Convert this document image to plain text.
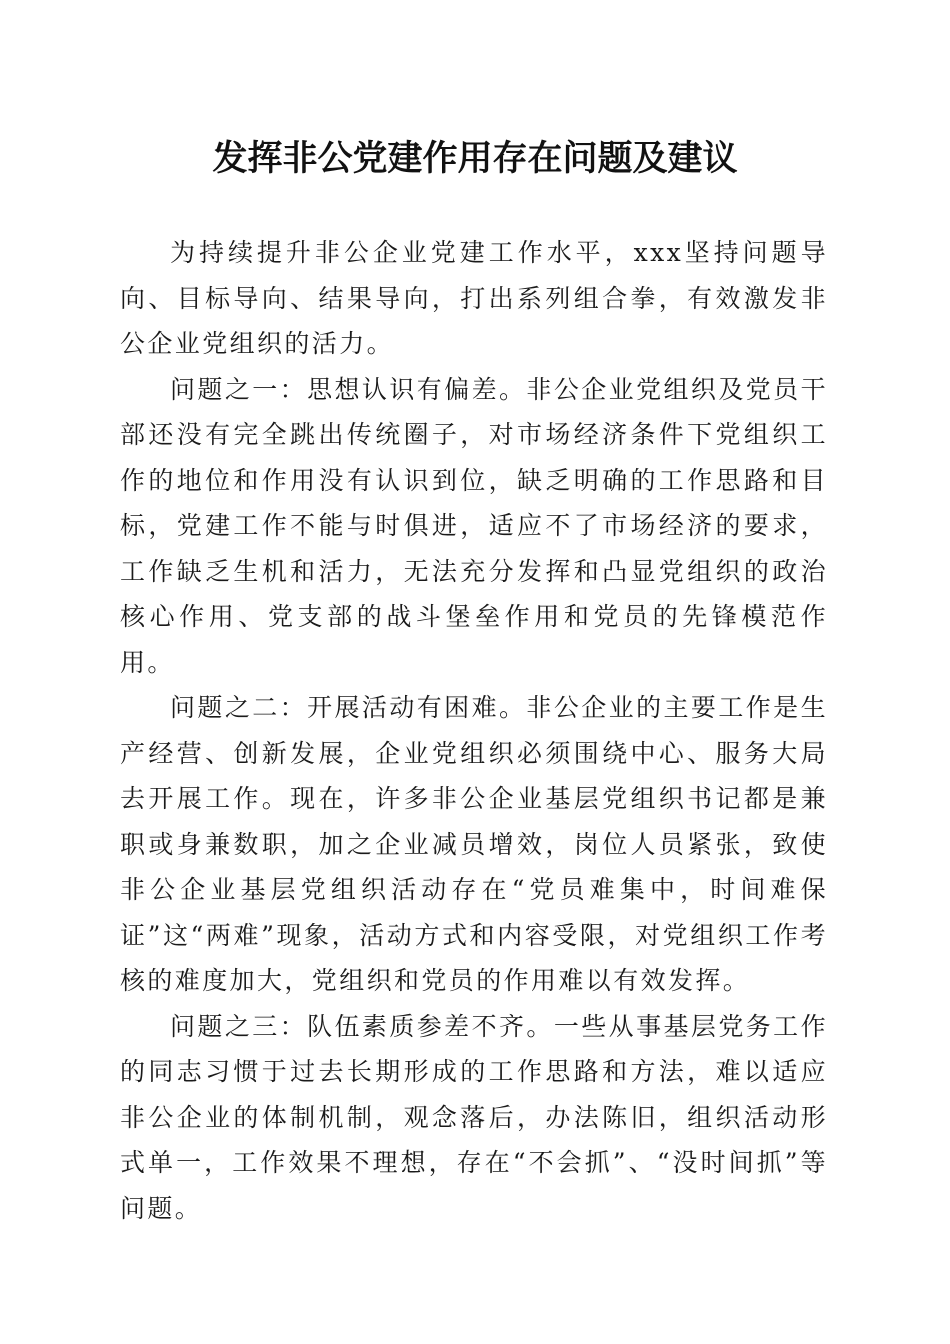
发挥非公党建作用存在问题及建议

为持续提升非公企业党建工作水平，xxx坚持问题导向、目标导向、结果导向，打出系列组合拳，有效激发非公企业党组织的活力。

问题之一：思想认识有偏差。非公企业党组织及党员干部还没有完全跳出传统圈子，对市场经济条件下党组织工作的地位和作用没有认识到位，缺乏明确的工作思路和目标，党建工作不能与时俱进，适应不了市场经济的要求，工作缺乏生机和活力，无法充分发挥和凸显党组织的政治核心作用、党支部的战斗堡垒作用和党员的先锋模范作用。

问题之二：开展活动有困难。非公企业的主要工作是生产经营、创新发展，企业党组织必须围绕中心、服务大局去开展工作。现在，许多非公企业基层党组织书记都是兼职或身兼数职，加之企业减员增效，岗位人员紧张，致使非公企业基层党组织活动存在“党员难集中，时间难保证”这“两难”现象，活动方式和内容受限，对党组织工作考核的难度加大，党组织和党员的作用难以有效发挥。

问题之三：队伍素质参差不齐。一些从事基层党务工作的同志习惯于过去长期形成的工作思路和方法，难以适应非公企业的体制机制，观念落后，办法陈旧，组织活动形式单一，工作效果不理想，存在“不会抓”、“没时间抓”等问题。
